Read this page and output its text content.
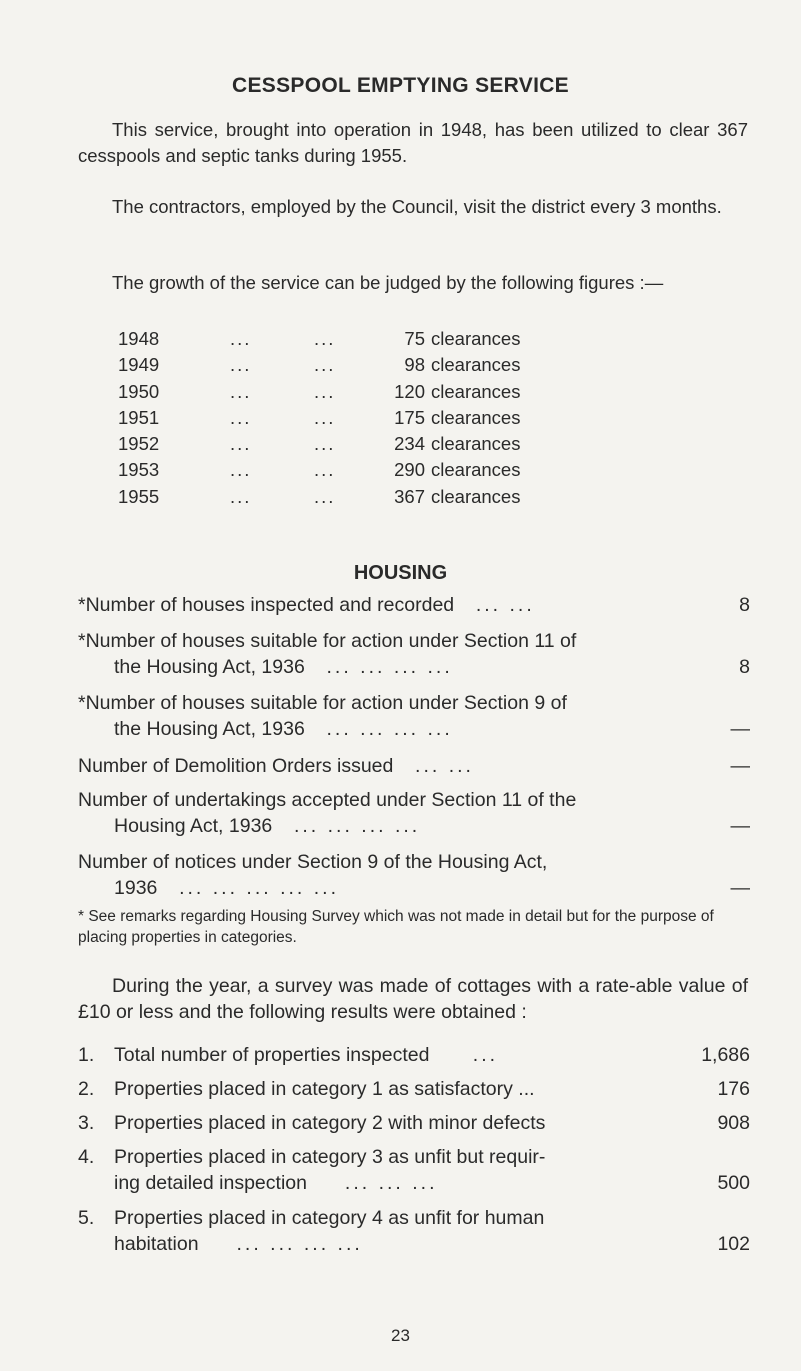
CESSPOOL EMPTYING SERVICE

This service, brought into operation in 1948, has been utilized to clear 367 cesspools and septic tanks during 1955.

The contractors, employed by the Council, visit the district every 3 months.

The growth of the service can be judged by the following figures :—

1948	...	...	75 clearances
1949	...	...	98 clearances
1950	...	...	120 clearances
1951	...	...	175 clearances
1952	...	...	234 clearances
1953	...	...	290 clearances
1955	...	...	367 clearances
HOUSING
*Number of houses inspected and recorded ... ...	8
*Number of houses suitable for action under Section 11 of
the Housing Act, 1936 ... ... ... ...	8
*Number of houses suitable for action under Section 9 of
the Housing Act, 1936 ... ... ... ...	—
Number of Demolition Orders issued ... ...	—
Number of undertakings accepted under Section 11 of the
Housing Act, 1936 ... ... ... ...	—
Number of notices under Section 9 of the Housing Act,
1936 ... ... ... ... ...	—

* See remarks regarding Housing Survey which was not made in detail but for the purpose of placing properties in categories.

During the year, a survey was made of cottages with a rate-able value of £10 or less and the following results were obtained :

1.	Total number of properties inspected ...	1,686
2.	Properties placed in category 1 as satisfactory ...	176
3.	Properties placed in category 2 with minor defects	908
4.	Properties placed in category 3 as unfit but requir-
ing detailed inspection ... ... ...	500
5.	Properties placed in category 4 as unfit for human
habitation ... ... ... ...	102
23
